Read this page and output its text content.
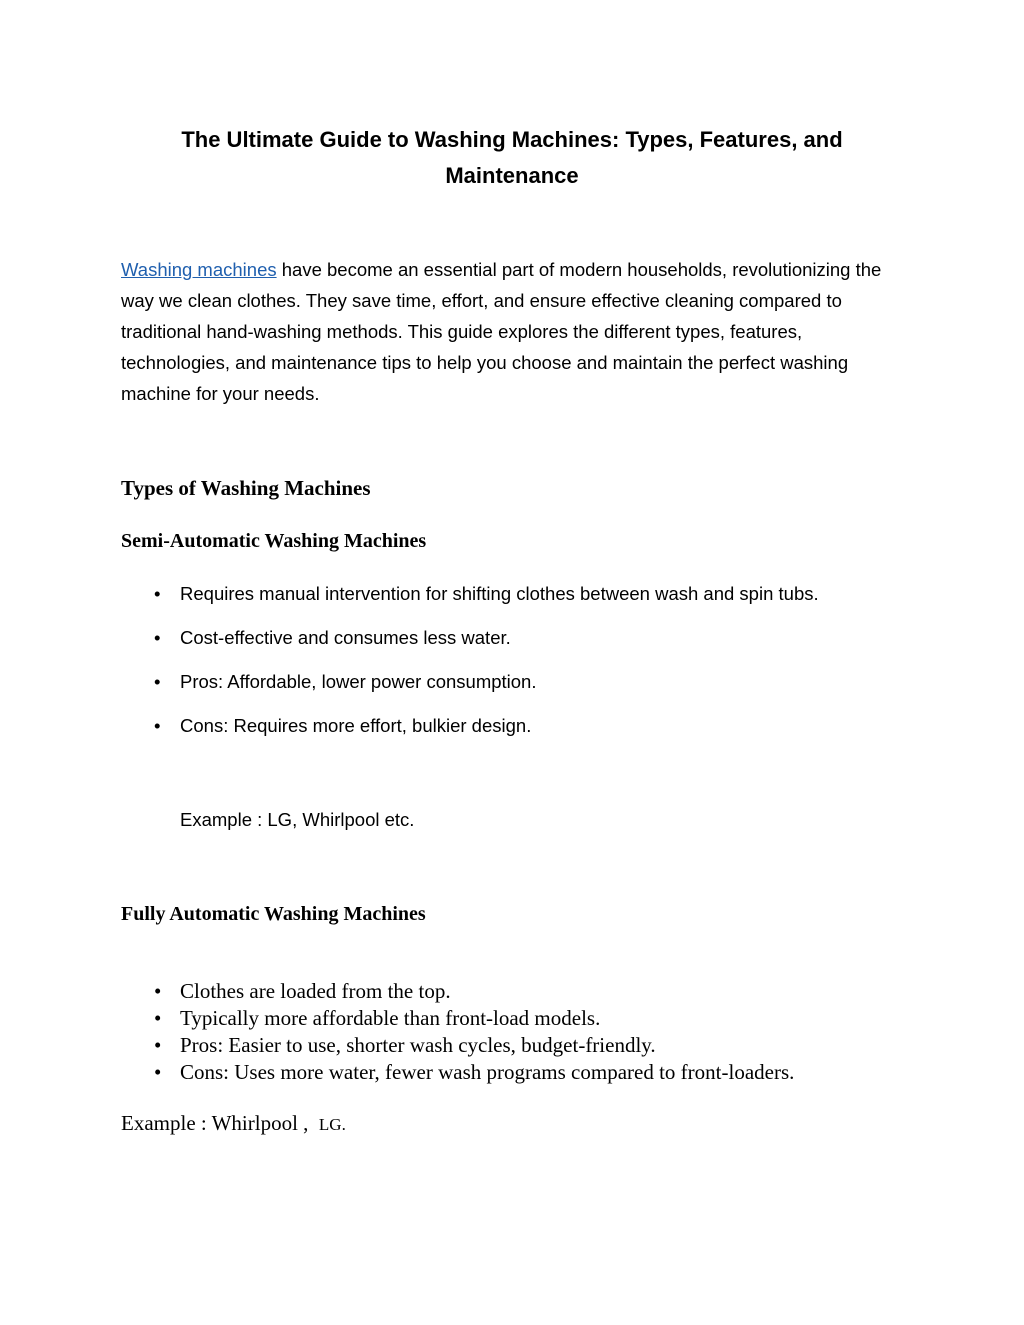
The Ultimate Guide to Washing Machines: Types, Features, and
Maintenance

Washing machines have become an essential part of modern households, revolutionizing the way we clean clothes. They save time, effort, and ensure effective cleaning compared to traditional hand-washing methods. This guide explores the different types, features, technologies, and maintenance tips to help you choose and maintain the perfect washing machine for your needs.

Types of Washing Machines
Semi-Automatic Washing Machines
• Requires manual intervention for shifting clothes between wash and spin tubs.
• Cost-effective and consumes less water.
• Pros: Affordable, lower power consumption.
• Cons: Requires more effort, bulkier design.
Example : LG, Whirlpool etc.
Fully Automatic Washing Machines
• Clothes are loaded from the top.
• Typically more affordable than front-load models.
• Pros: Easier to use, shorter wash cycles, budget-friendly.
• Cons: Uses more water, fewer wash programs compared to front-loaders.
Example : Whirlpool , LG.
